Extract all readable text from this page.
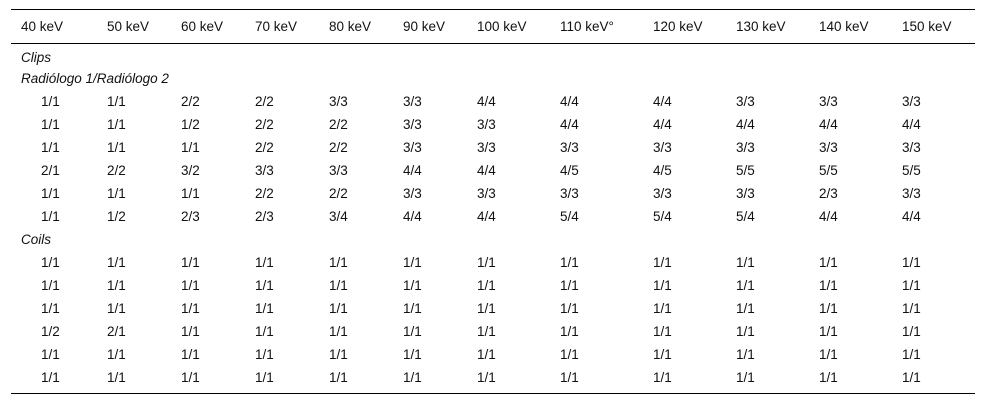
40 keV	50 keV	60 keV	70 keV	80 keV	90 keV	100 keV	110 keV°	120 keV	130 keV	140 keV	150 keV
Clips											
Radiólogo 1/Radiólogo 2											
1/1	1/1	2/2	2/2	3/3	3/3	4/4	4/4	4/4	3/3	3/3	3/3
1/1	1/1	1/2	2/2	2/2	3/3	3/3	4/4	4/4	4/4	4/4	4/4
1/1	1/1	1/1	2/2	2/2	3/3	3/3	3/3	3/3	3/3	3/3	3/3
2/1	2/2	3/2	3/3	3/3	4/4	4/4	4/5	4/5	5/5	5/5	5/5
1/1	1/1	1/1	2/2	2/2	3/3	3/3	3/3	3/3	3/3	2/3	3/3
1/1	1/2	2/3	2/3	3/4	4/4	4/4	5/4	5/4	5/4	4/4	4/4
Coils											
1/1	1/1	1/1	1/1	1/1	1/1	1/1	1/1	1/1	1/1	1/1	1/1
1/1	1/1	1/1	1/1	1/1	1/1	1/1	1/1	1/1	1/1	1/1	1/1
1/1	1/1	1/1	1/1	1/1	1/1	1/1	1/1	1/1	1/1	1/1	1/1
1/2	2/1	1/1	1/1	1/1	1/1	1/1	1/1	1/1	1/1	1/1	1/1
1/1	1/1	1/1	1/1	1/1	1/1	1/1	1/1	1/1	1/1	1/1	1/1
1/1	1/1	1/1	1/1	1/1	1/1	1/1	1/1	1/1	1/1	1/1	1/1
